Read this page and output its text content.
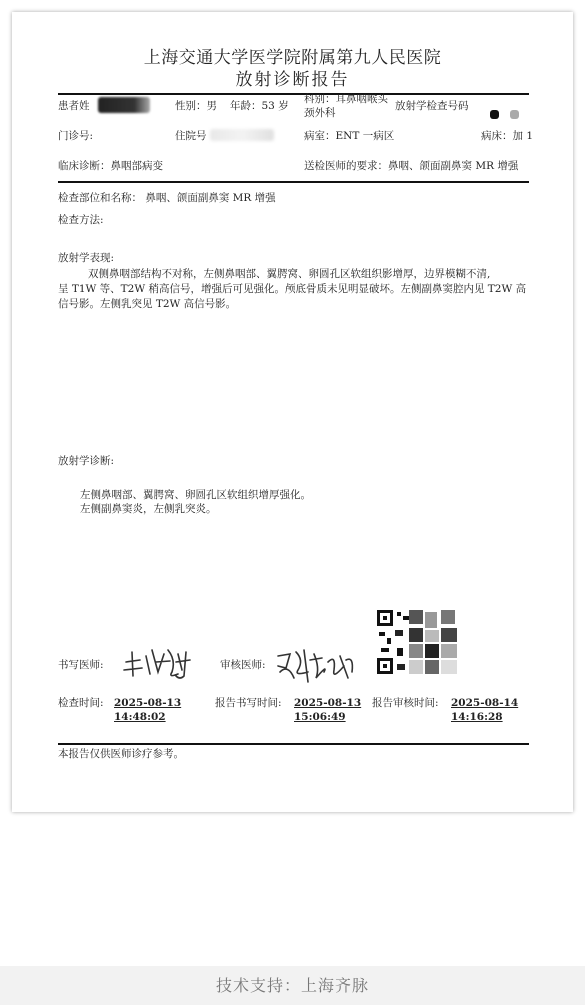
上海交通大学医学院附属第九人民医院
放射诊断报告
患者姓	性别：男 年龄：53 岁
科别：耳鼻咽喉头
颈外科
放射学检查号码
门诊号:	住院号	病室：ENT 一病区	病床：加 1
临床诊断：鼻咽部病变	送检医师的要求：鼻咽、颌面副鼻窦 MR 增强
检查部位和名称： 鼻咽、颌面副鼻窦 MR 增强
检查方法:
放射学表现:
双侧鼻咽部结构不对称，左侧鼻咽部、翼腭窝、卵圆孔区软组织影增厚，边界模糊不清,
呈 T1W 等、T2W 稍高信号，增强后可见强化。颅底骨质未见明显破坏。左侧副鼻窦腔内见 T2W 高
信号影。左侧乳突见 T2W 高信号影。
放射学诊断:
左侧鼻咽部、翼腭窝、卵圆孔区软组织增厚强化。
左侧副鼻窦炎，左侧乳突炎。
书写医师:	审核医师:
检查时间: 2025-08-13
14:48:02
报告书写时间: 2025-08-13
15:06:49
报告审核时间: 2025-08-14
14:16:28
本报告仅供医师诊疗参考。
技术支持：上海齐脉
